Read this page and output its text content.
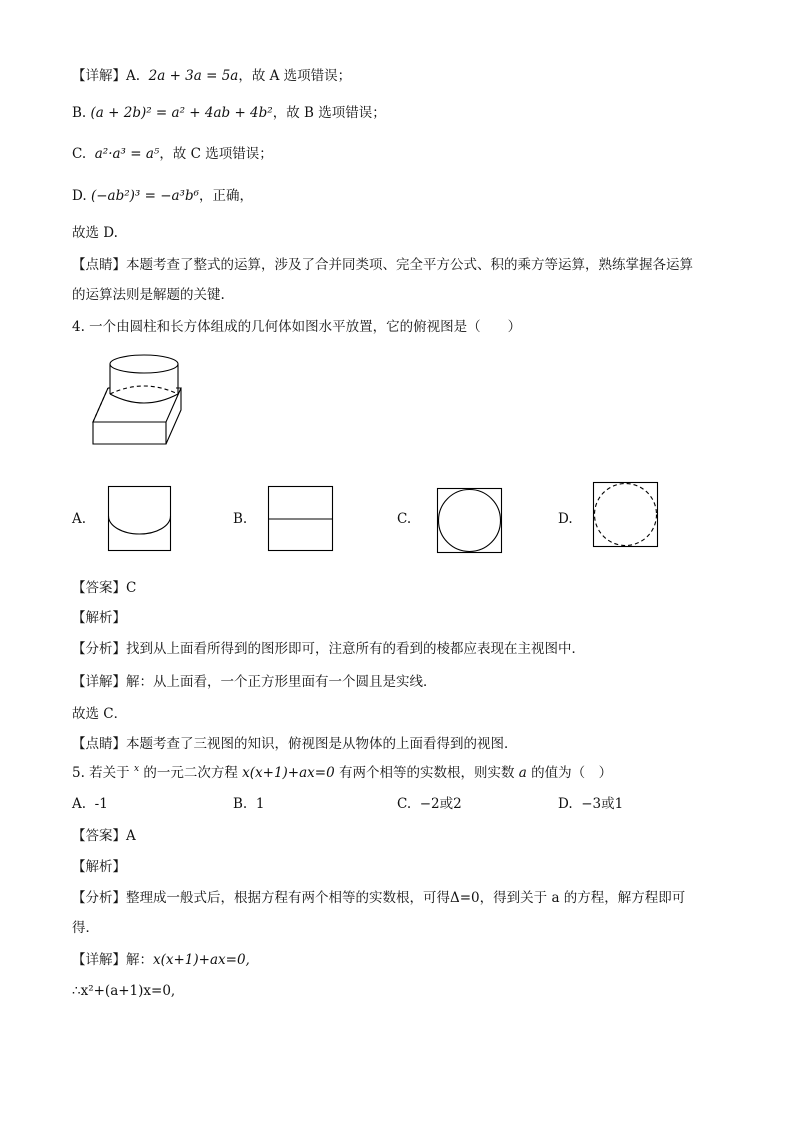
【详解】A. 2a + 3a = 5a，故 A 选项错误；
B. (a + 2b)² = a² + 4ab + 4b²，故 B 选项错误；
C. a²·a³ = a⁵，故 C 选项错误；
D. (−ab²)³ = −a³b⁶，正确，
故选 D.
【点睛】本题考查了整式的运算，涉及了合并同类项、完全平方公式、积的乘方等运算，熟练掌握各运算
的运算法则是解题的关键.
4. 一个由圆柱和长方体组成的几何体如图水平放置，它的俯视图是（　　）
A.	B.	C.	D.
【答案】C
【解析】
【分析】找到从上面看所得到的图形即可，注意所有的看到的棱都应表现在主视图中．
【详解】解：从上面看，一个正方形里面有一个圆且是实线．
故选 C．
【点睛】本题考查了三视图的知识，俯视图是从物体的上面看得到的视图．
5. 若关于 $^x$ 的一元二次方程 x(x+1)+ax=0 有两个相等的实数根，则实数 a 的值为（　）
A. -1	B. 1	C. −2或2	D. −3或1
【答案】A
【解析】
【分析】整理成一般式后，根据方程有两个相等的实数根，可得Δ=0，得到关于 a 的方程，解方程即可
得．
【详解】解：x(x+1)+ax=0,
∴x²+(a+1)x=0,
